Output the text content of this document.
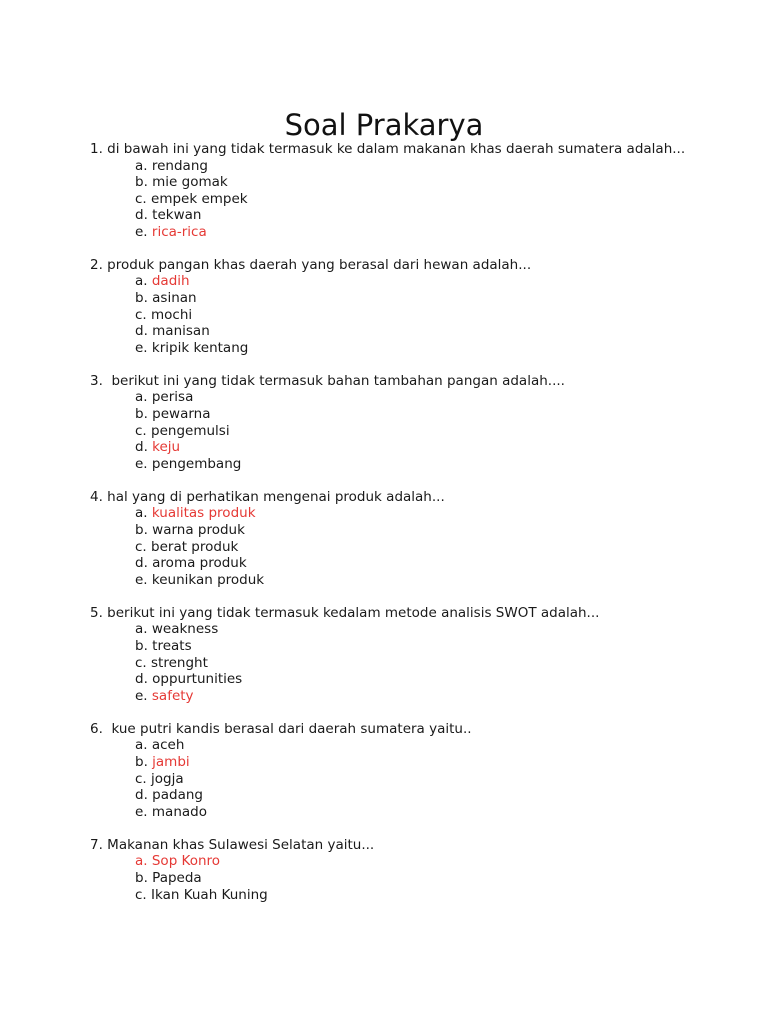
Soal Prakarya

1. di bawah ini yang tidak termasuk ke dalam makanan khas daerah sumatera adalah...

a. rendang
b. mie gomak
c. empek empek
d. tekwan
e. rica-rica

2. produk pangan khas daerah yang berasal dari hewan adalah...

a. dadih
b. asinan
c. mochi
d. manisan
e. kripik kentang

3.  berikut ini yang tidak termasuk bahan tambahan pangan adalah....

a. perisa
b. pewarna
c. pengemulsi
d. keju
e. pengembang

4. hal yang di perhatikan mengenai produk adalah...

a. kualitas produk
b. warna produk
c. berat produk
d. aroma produk
e. keunikan produk

5. berikut ini yang tidak termasuk kedalam metode analisis SWOT adalah...

a. weakness
b. treats
c. strenght
d. oppurtunities
e. safety

6.  kue putri kandis berasal dari daerah sumatera yaitu..

a. aceh
b. jambi
c. jogja
d. padang
e. manado

7. Makanan khas Sulawesi Selatan yaitu...

a. Sop Konro
b. Papeda
c. Ikan Kuah Kuning
